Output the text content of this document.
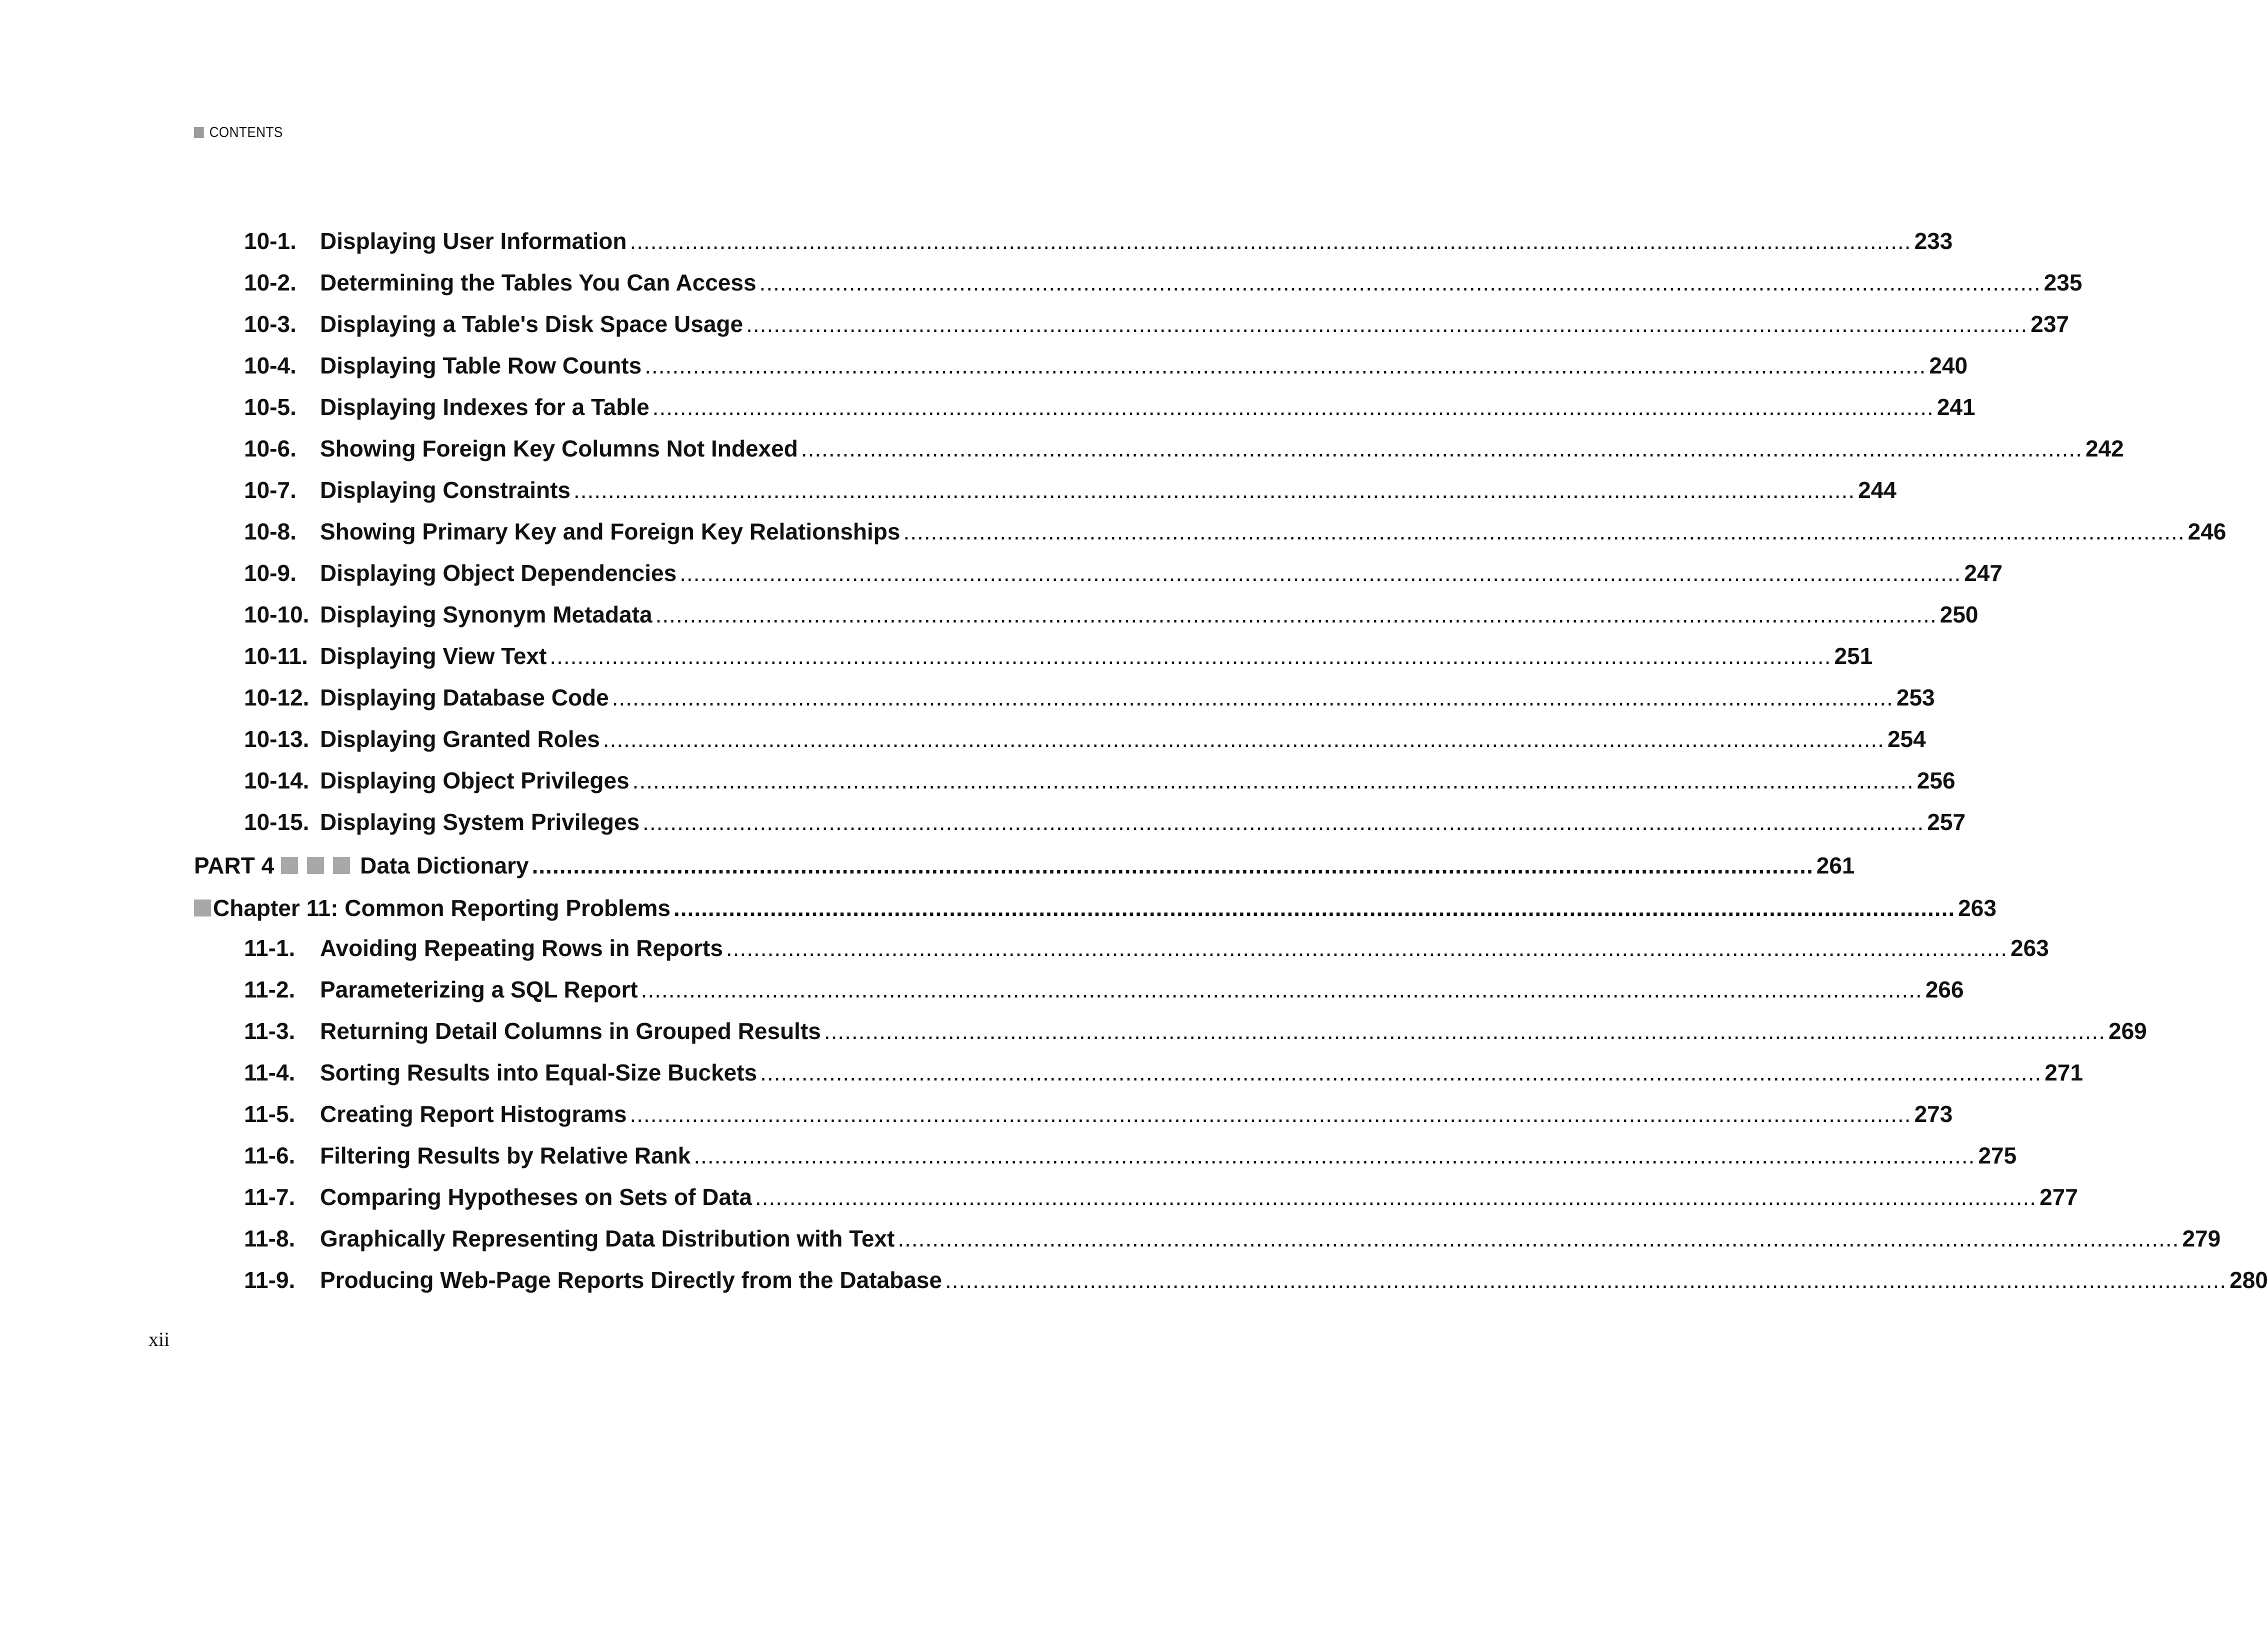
CONTENTS
10-1.	Displaying User Information .......................................................................................................................................................................................... 233
10-2.	Determining the Tables You Can Access .......................................................................................................................................................................................... 235
10-3.	Displaying a Table's Disk Space Usage .......................................................................................................................................................................................... 237
10-4.	Displaying Table Row Counts .......................................................................................................................................................................................... 240
10-5.	Displaying Indexes for a Table .......................................................................................................................................................................................... 241
10-6.	Showing Foreign Key Columns Not Indexed .......................................................................................................................................................................................... 242
10-7.	Displaying Constraints .......................................................................................................................................................................................... 244
10-8.	Showing Primary Key and Foreign Key Relationships .......................................................................................................................................................................................... 246
10-9.	Displaying Object Dependencies .......................................................................................................................................................................................... 247
10-10. Displaying Synonym Metadata .......................................................................................................................................................................................... 250
10-11. Displaying View Text .......................................................................................................................................................................................... 251
10-12. Displaying Database Code .......................................................................................................................................................................................... 253
10-13. Displaying Granted Roles .......................................................................................................................................................................................... 254
10-14. Displaying Object Privileges .......................................................................................................................................................................................... 256
10-15. Displaying System Privileges .......................................................................................................................................................................................... 257
PART 4	Data Dictionary .......................................................................................................................................................................................... 261
Chapter 11: Common Reporting Problems .......................................................................................................................................................................................... 263
11-1.	Avoiding Repeating Rows in Reports .......................................................................................................................................................................................... 263
11-2.	Parameterizing a SQL Report .......................................................................................................................................................................................... 266
11-3.	Returning Detail Columns in Grouped Results .......................................................................................................................................................................................... 269
11-4.	Sorting Results into Equal-Size Buckets .......................................................................................................................................................................................... 271
11-5.	Creating Report Histograms .......................................................................................................................................................................................... 273
11-6.	Filtering Results by Relative Rank .......................................................................................................................................................................................... 275
11-7.	Comparing Hypotheses on Sets of Data .......................................................................................................................................................................................... 277
11-8.	Graphically Representing Data Distribution with Text .......................................................................................................................................................................................... 279
11-9.	Producing Web-Page Reports Directly from the Database .......................................................................................................................................................................................... 280
xii
